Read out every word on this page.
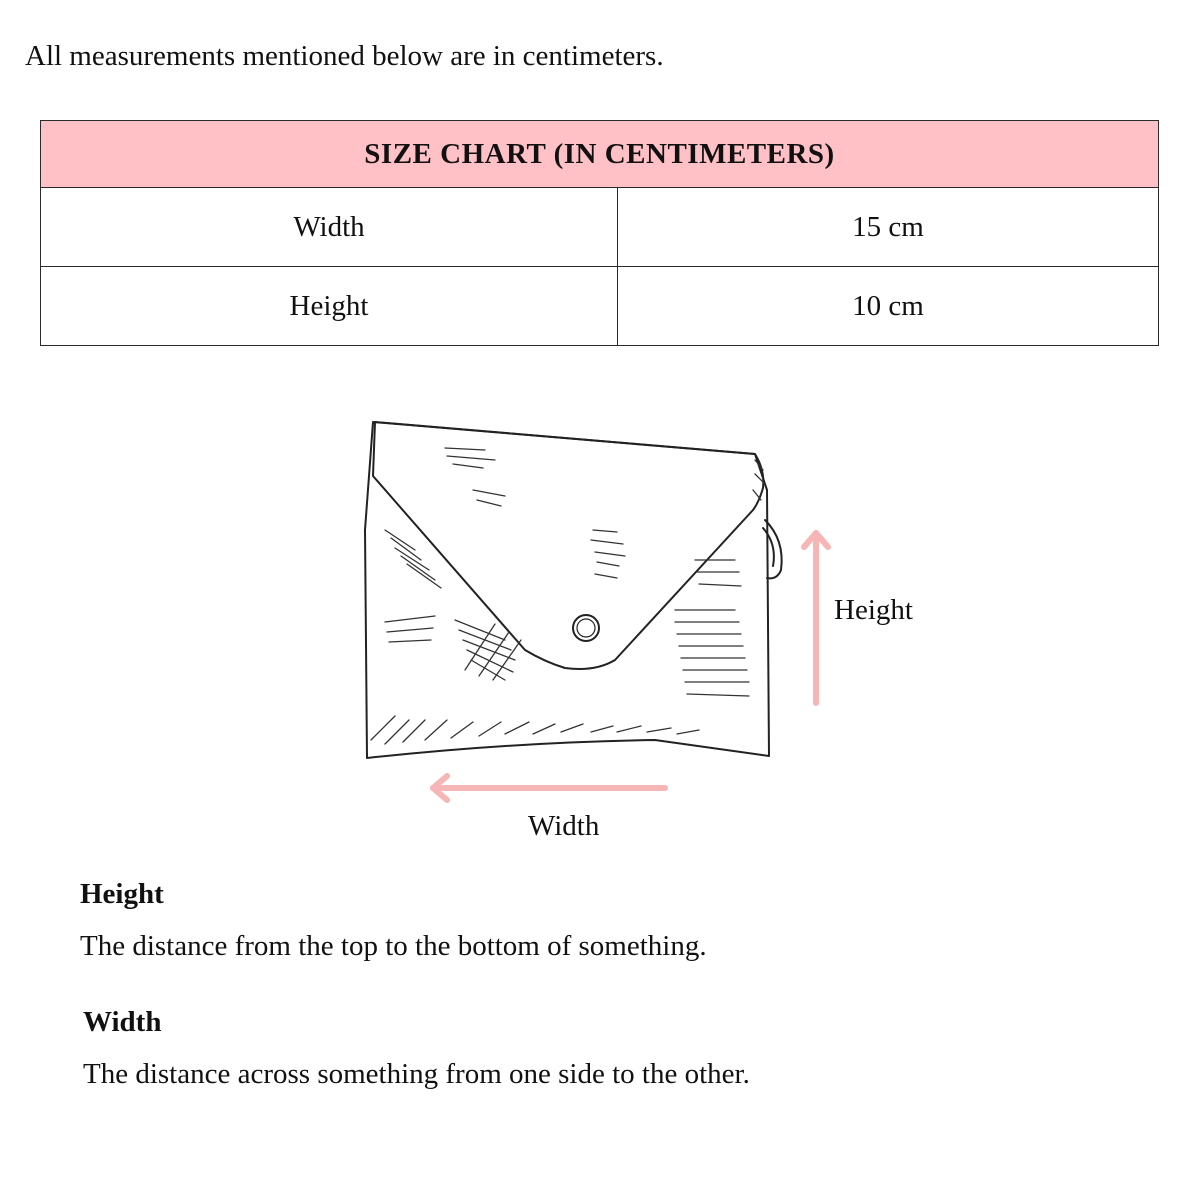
All measurements mentioned below are in centimeters.

SIZE CHART (IN CENTIMETERS)	
Width	15 cm
Height	10 cm
Height
Width

Height

The distance from the top to the bottom of something.

Width

The distance across something from one side to the other.
